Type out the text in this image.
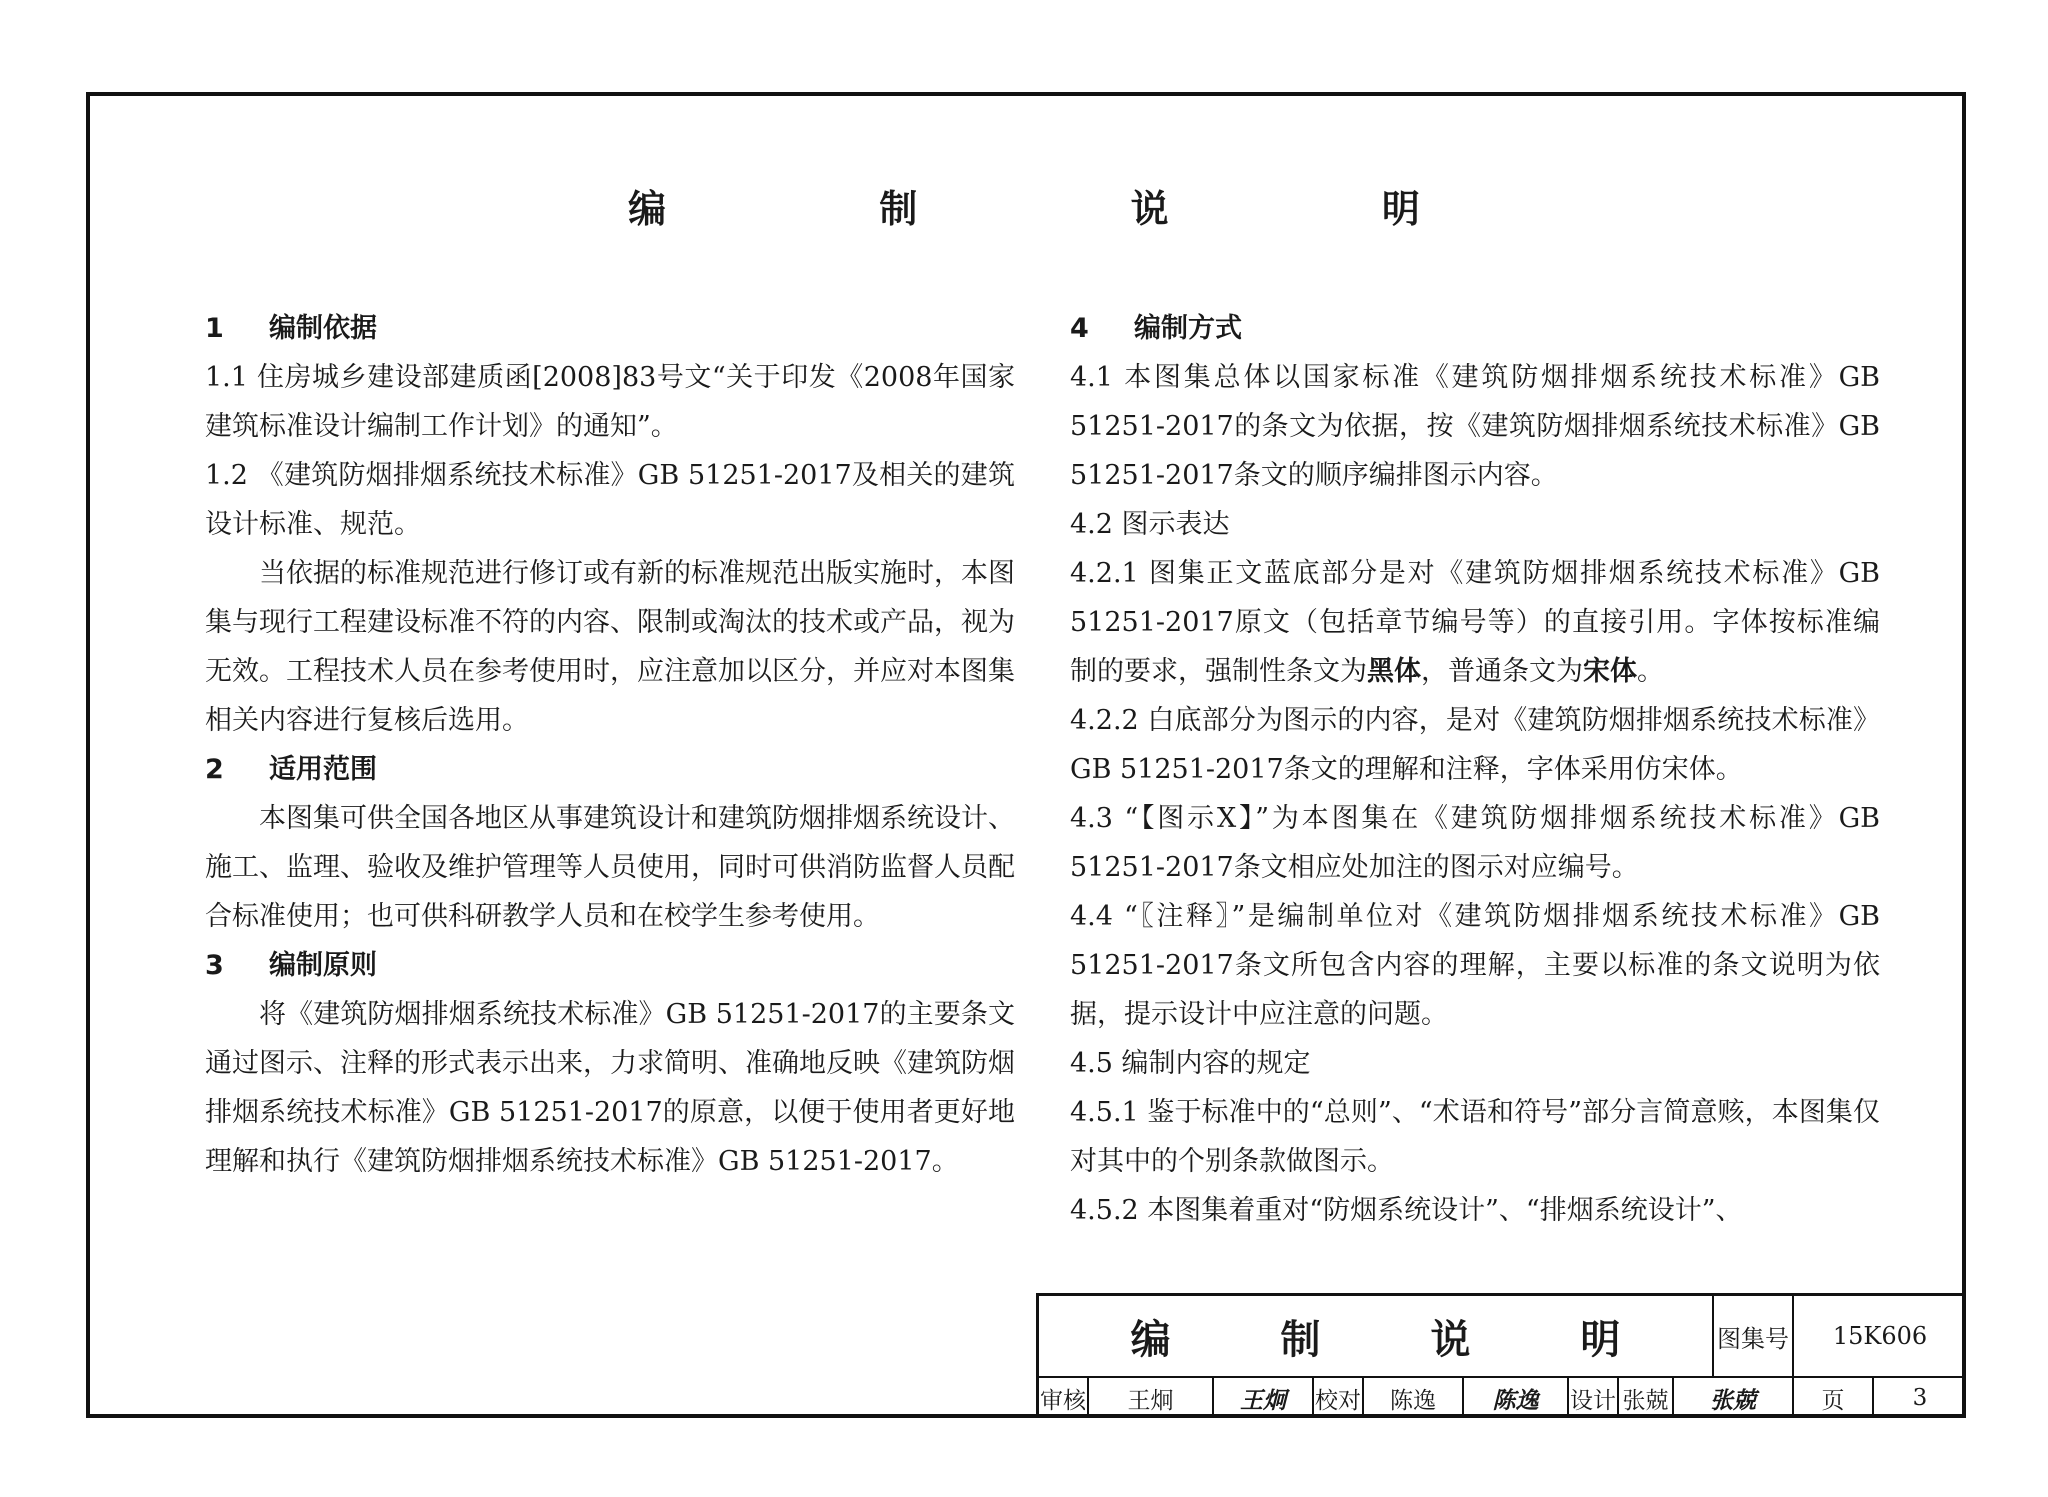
编 制 说 明

1 编制依据

1.1 住房城乡建设部建质函[2008]83号文“关于印发《2008年国家建筑标准设计编制工作计划》的通知”。

1.2 《建筑防烟排烟系统技术标准》GB 51251-2017及相关的建筑设计标准、规范。

当依据的标准规范进行修订或有新的标准规范出版实施时，本图集与现行工程建设标准不符的内容、限制或淘汰的技术或产品，视为无效。工程技术人员在参考使用时，应注意加以区分，并应对本图集相关内容进行复核后选用。

2 适用范围

本图集可供全国各地区从事建筑设计和建筑防烟排烟系统设计、施工、监理、验收及维护管理等人员使用，同时可供消防监督人员配合标准使用；也可供科研教学人员和在校学生参考使用。

3 编制原则

将《建筑防烟排烟系统技术标准》GB 51251-2017的主要条文通过图示、注释的形式表示出来，力求简明、准确地反映《建筑防烟排烟系统技术标准》GB 51251-2017的原意，以便于使用者更好地理解和执行《建筑防烟排烟系统技术标准》GB 51251-2017。

4 编制方式

4.1 本图集总体以国家标准《建筑防烟排烟系统技术标准》GB 51251-2017的条文为依据，按《建筑防烟排烟系统技术标准》GB 51251-2017条文的顺序编排图示内容。

4.2 图示表达

4.2.1 图集正文蓝底部分是对《建筑防烟排烟系统技术标准》GB 51251-2017原文（包括章节编号等）的直接引用。字体按标准编制的要求，强制性条文为黑体，普通条文为宋体。

4.2.2 白底部分为图示的内容，是对《建筑防烟排烟系统技术标准》GB 51251-2017条文的理解和注释，字体采用仿宋体。

4.3 “【图示X】”为本图集在《建筑防烟排烟系统技术标准》GB 51251-2017条文相应处加注的图示对应编号。

4.4 “〖注释〗”是编制单位对《建筑防烟排烟系统技术标准》GB 51251-2017条文所包含内容的理解，主要以标准的条文说明为依据，提示设计中应注意的问题。

4.5 编制内容的规定

4.5.1 鉴于标准中的“总则”、“术语和符号”部分言简意赅，本图集仅对其中的个别条款做图示。

4.5.2 本图集着重对“防烟系统设计”、“排烟系统设计”、

编 制 说 明	图集号	15K606
审核	王炯	王炯	校对	陈逸	陈逸	设计 张兢	张兢	页	3
